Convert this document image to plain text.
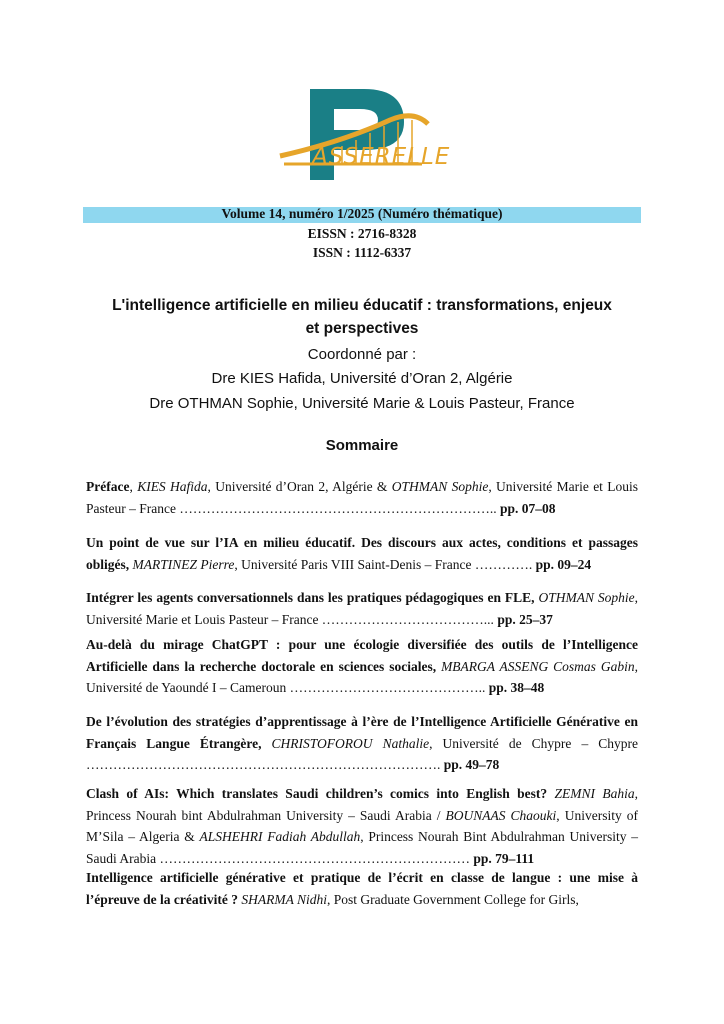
ASSERELLE
Volume 14, numéro 1/2025 (Numéro thématique)
EISSN : 2716-8328
ISSN : 1112-6337
L'intelligence artificielle en milieu éducatif : transformations, enjeux
et perspectives
Coordonné par :
Dre KIES Hafida, Université d’Oran 2, Algérie
Dre OTHMAN Sophie, Université Marie & Louis Pasteur, France
Sommaire
Préface, KIES Hafida, Université d’Oran 2, Algérie & OTHMAN Sophie, Université Marie et Louis Pasteur – France …………………………………………………………….. pp. 07–08
Un point de vue sur l’IA en milieu éducatif. Des discours aux actes, conditions et passages obligés, MARTINEZ Pierre, Université Paris VIII Saint-Denis – France …………. pp. 09–24
Intégrer les agents conversationnels dans les pratiques pédagogiques en FLE, OTHMAN Sophie, Université Marie et Louis Pasteur – France ………………………………... pp. 25–37
Au-delà du mirage ChatGPT : pour une écologie diversifiée des outils de l’Intelligence Artificielle dans la recherche doctorale en sciences sociales, MBARGA ASSENG Cosmas Gabin, Université de Yaoundé I – Cameroun …………………………………….. pp. 38–48
De l’évolution des stratégies d’apprentissage à l’ère de l’Intelligence Artificielle Générative en Français Langue Étrangère, CHRISTOFOROU Nathalie, Université de Chypre – Chypre ……………………………………………………………………. pp. 49–78
Clash of AIs: Which translates Saudi children’s comics into English best? ZEMNI Bahia, Princess Nourah bint Abdulrahman University – Saudi Arabia / BOUNAAS Chaouki, University of M’Sila – Algeria & ALSHEHRI Fadiah Abdullah, Princess Nourah Bint Abdulrahman University – Saudi Arabia …………………………………………………………… pp. 79–111
Intelligence artificielle générative et pratique de l’écrit en classe de langue : une mise à l’épreuve de la créativité ? SHARMA Nidhi, Post Graduate Government College for Girls,
